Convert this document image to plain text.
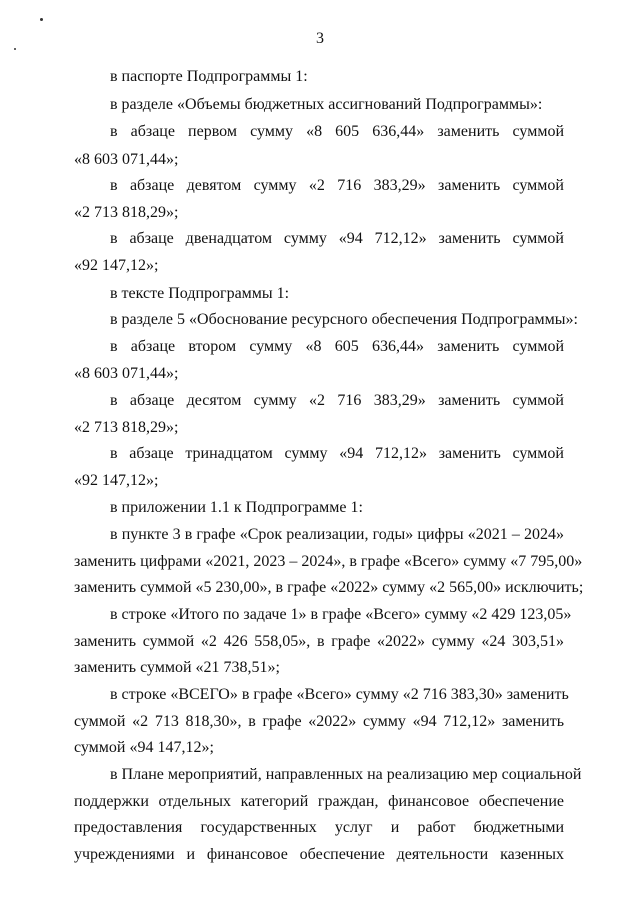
3
в паспорте Подпрограммы 1:
в разделе «Объемы бюджетных ассигнований Подпрограммы»:
в абзаце первом сумму «8 605 636,44» заменить суммой
«8 603 071,44»;
в абзаце девятом сумму «2 716 383,29» заменить суммой
«2 713 818,29»;
в абзаце двенадцатом сумму «94 712,12» заменить суммой
«92 147,12»;
в тексте Подпрограммы 1:
в разделе 5 «Обоснование ресурсного обеспечения Подпрограммы»:
в абзаце втором сумму «8 605 636,44» заменить суммой
«8 603 071,44»;
в абзаце десятом сумму «2 716 383,29» заменить суммой
«2 713 818,29»;
в абзаце тринадцатом сумму «94 712,12» заменить суммой
«92 147,12»;
в приложении 1.1 к Подпрограмме 1:
в пункте 3 в графе «Срок реализации, годы» цифры «2021 – 2024»
заменить цифрами «2021, 2023 – 2024», в графе «Всего» сумму «7 795,00»
заменить суммой «5 230,00», в графе «2022» сумму «2 565,00» исключить;
в строке «Итого по задаче 1» в графе «Всего» сумму «2 429 123,05»
заменить суммой «2 426 558,05», в графе «2022» сумму «24 303,51»
заменить суммой «21 738,51»;
в строке «ВСЕГО» в графе «Всего» сумму «2 716 383,30» заменить
суммой «2 713 818,30», в графе «2022» сумму «94 712,12» заменить
суммой «94 147,12»;
в Плане мероприятий, направленных на реализацию мер социальной
поддержки отдельных категорий граждан, финансовое обеспечение
предоставления государственных услуг и работ бюджетными
учреждениями и финансовое обеспечение деятельности казенных
